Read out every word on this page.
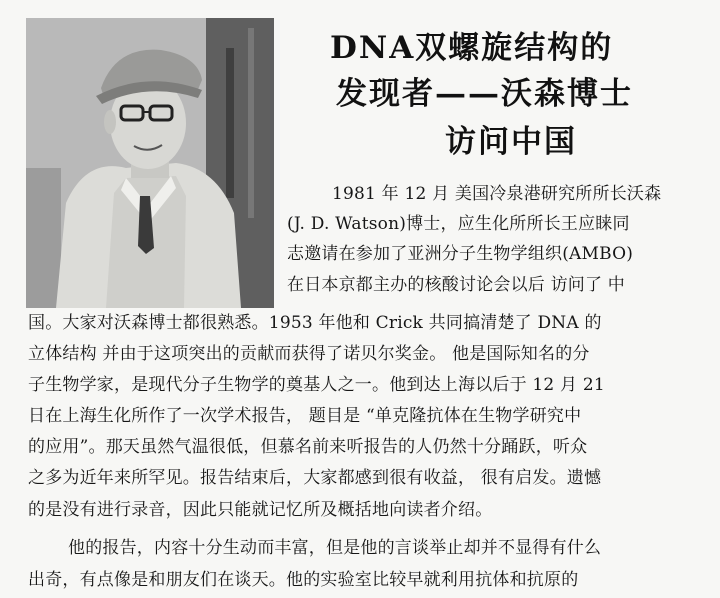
DNA双螺旋结构的
发现者——沃森博士
访问中国
1981 年 12 月 美国冷泉港研究所所长沃森
(J. D. Watson)博士，应生化所所长王应睐同
志邀请在参加了亚洲分子生物学组织(AMBO)
在日本京都主办的核酸讨论会以后 访问了 中
国。大家对沃森博士都很熟悉。1953 年他和 Crick 共同搞清楚了 DNA 的
立体结构 并由于这项突出的贡献而获得了诺贝尔奖金。 他是国际知名的分
子生物学家，是现代分子生物学的奠基人之一。他到达上海以后于 12 月 21
日在上海生化所作了一次学术报告， 题目是 “单克隆抗体在生物学研究中
的应用”。那天虽然气温很低，但慕名前来听报告的人仍然十分踊跃，听众
之多为近年来所罕见。报告结束后，大家都感到很有收益， 很有启发。遗憾
的是没有进行录音，因此只能就记忆所及概括地向读者介绍。
他的报告，内容十分生动而丰富，但是他的言谈举止却并不显得有什么
出奇，有点像是和朋友们在谈天。他的实验室比较早就利用抗体和抗原的
